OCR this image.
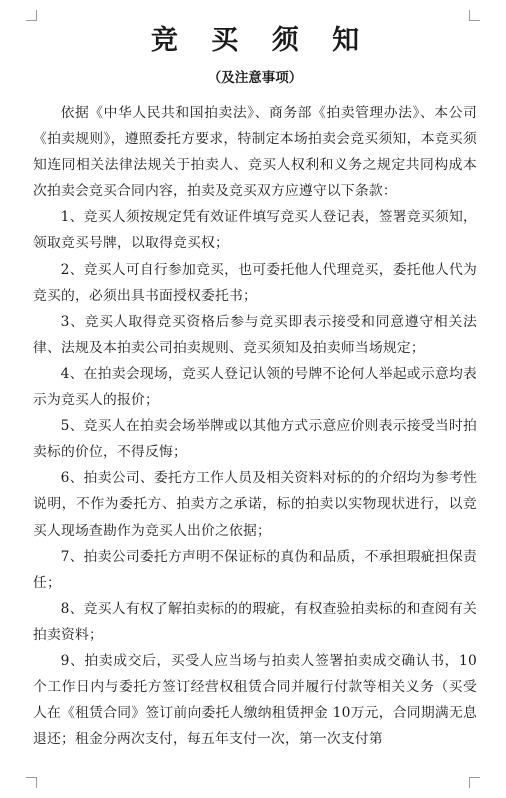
竞 买 须 知
（及注意事项）

依据《中华人民共和国拍卖法》、商务部《拍卖管理办法》、本公司《拍卖规则》，遵照委托方要求，特制定本场拍卖会竞买须知，本竞买须知连同相关法律法规关于拍卖人、竞买人权利和义务之规定共同构成本次拍卖会竞买合同内容，拍卖及竞买双方应遵守以下条款：

1、竞买人须按规定凭有效证件填写竞买人登记表，签署竞买须知，领取竞买号牌，以取得竞买权；

2、竞买人可自行参加竞买，也可委托他人代理竞买，委托他人代为竞买的，必须出具书面授权委托书；

3、竞买人取得竞买资格后参与竞买即表示接受和同意遵守相关法律、法规及本拍卖公司拍卖规则、竞买须知及拍卖师当场规定；

4、在拍卖会现场，竞买人登记认领的号牌不论何人举起或示意均表示为竞买人的报价；

5、竞买人在拍卖会场举牌或以其他方式示意应价则表示接受当时拍卖标的价位，不得反悔；

6、拍卖公司、委托方工作人员及相关资料对标的的介绍均为参考性说明，不作为委托方、拍卖方之承诺，标的拍卖以实物现状进行，以竞买人现场查勘作为竞买人出价之依据；

7、拍卖公司委托方声明不保证标的真伪和品质，不承担瑕疵担保责任；

8、竞买人有权了解拍卖标的的瑕疵，有权查验拍卖标的和查阅有关拍卖资料；

9、拍卖成交后，买受人应当场与拍卖人签署拍卖成交确认书，10个工作日内与委托方签订经营权租赁合同并履行付款等相关义务（买受人在《租赁合同》签订前向委托人缴纳租赁押金 10万元，合同期满无息退还；租金分两次支付，每五年支付一次，第一次支付第
